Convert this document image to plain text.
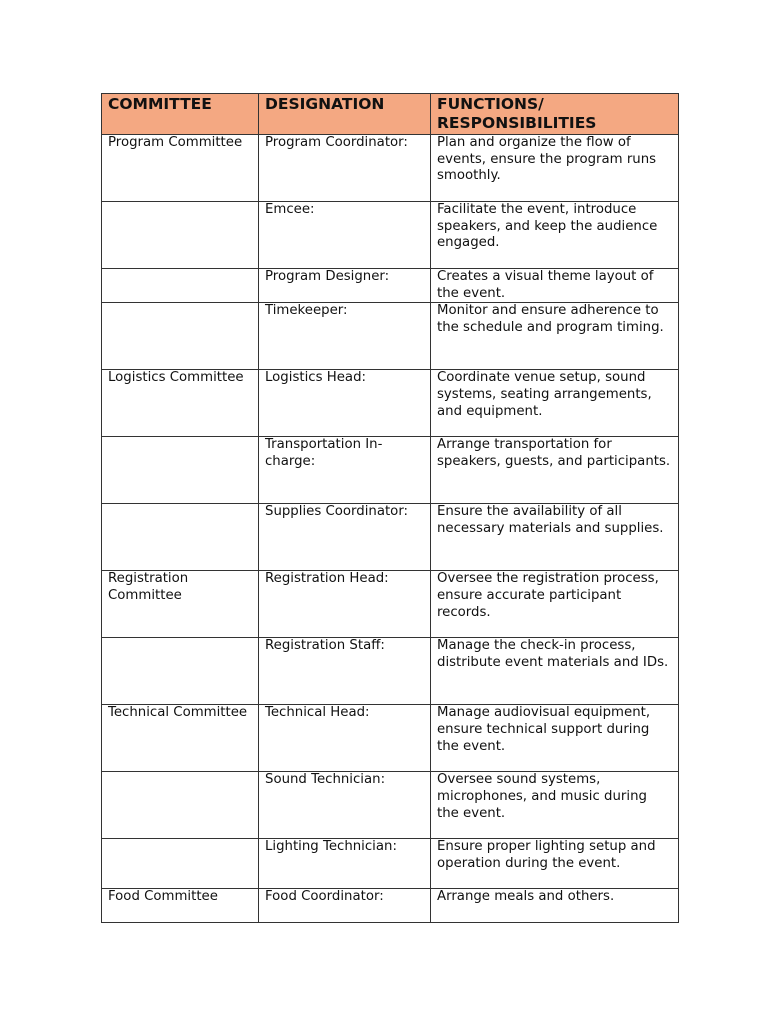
COMMITTEE	DESIGNATION	FUNCTIONS/ RESPONSIBILITIES
Program Committee	Program Coordinator:	Plan and organize the flow of events, ensure the program runs smoothly.
	Emcee:	Facilitate the event, introduce speakers, and keep the audience engaged.
	Program Designer:	Creates a visual theme layout of the event.
	Timekeeper:	Monitor and ensure adherence to the schedule and program timing.
Logistics Committee	Logistics Head:	Coordinate venue setup, sound systems, seating arrangements, and equipment.
	Transportation In-charge:	Arrange transportation for speakers, guests, and participants.
	Supplies Coordinator:	Ensure the availability of all necessary materials and supplies.
Registration Committee	Registration Head:	Oversee the registration process, ensure accurate participant records.
	Registration Staff:	Manage the check-in process, distribute event materials and IDs.
Technical Committee	Technical Head:	Manage audiovisual equipment, ensure technical support during the event.
	Sound Technician:	Oversee sound systems, microphones, and music during the event.
	Lighting Technician:	Ensure proper lighting setup and operation during the event.
Food Committee	Food Coordinator:	Arrange meals and others.
